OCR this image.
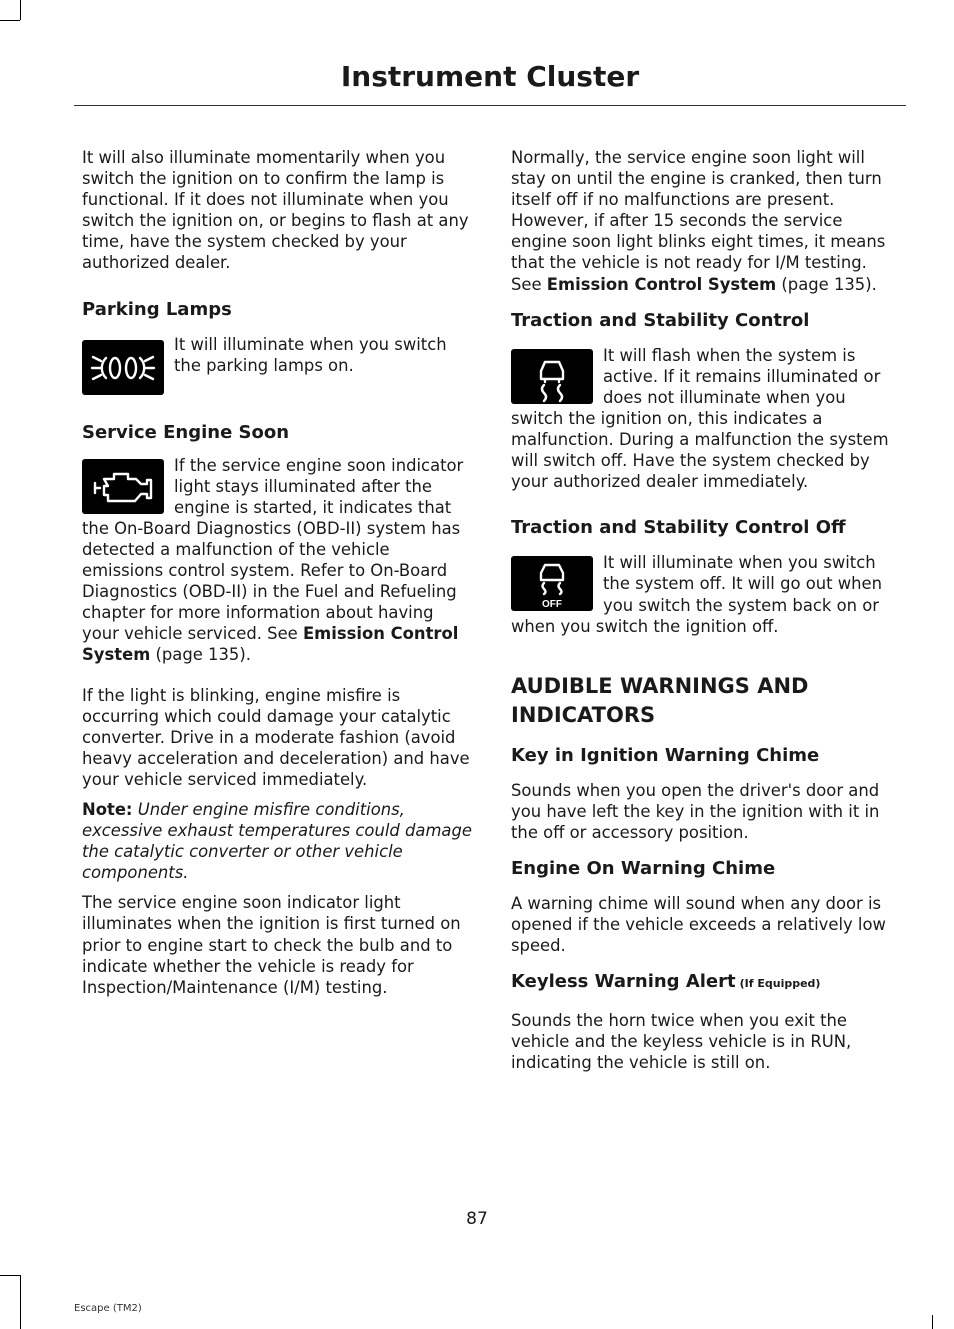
Instrument Cluster

It will also illuminate momentarily when you switch the ignition on to confirm the lamp is functional. If it does not illuminate when you switch the ignition on, or begins to flash at any time, have the system checked by your authorized dealer.

Parking Lamps

It will illuminate when you switch the parking lamps on.

Service Engine Soon

If the service engine soon indicator light stays illuminated after the engine is started, it indicates that the On-Board Diagnostics (OBD-II) system has detected a malfunction of the vehicle emissions control system. Refer to On-Board Diagnostics (OBD-II) in the Fuel and Refueling chapter for more information about having your vehicle serviced. See Emission Control System (page 135).

If the light is blinking, engine misfire is occurring which could damage your catalytic converter. Drive in a moderate fashion (avoid heavy acceleration and deceleration) and have your vehicle serviced immediately.

Note: Under engine misfire conditions, excessive exhaust temperatures could damage the catalytic converter or other vehicle components.

The service engine soon indicator light illuminates when the ignition is first turned on prior to engine start to check the bulb and to indicate whether the vehicle is ready for Inspection/Maintenance (I/M) testing.

Normally, the service engine soon light will stay on until the engine is cranked, then turn itself off if no malfunctions are present. However, if after 15 seconds the service engine soon light blinks eight times, it means that the vehicle is not ready for I/M testing. See Emission Control System (page 135).

Traction and Stability Control

It will flash when the system is active. If it remains illuminated or does not illuminate when you switch the ignition on, this indicates a malfunction. During a malfunction the system will switch off. Have the system checked by your authorized dealer immediately.

Traction and Stability Control Off
OFF

It will illuminate when you switch the system off. It will go out when you switch the system back on or when you switch the ignition off.

AUDIBLE WARNINGS AND INDICATORS
Key in Ignition Warning Chime

Sounds when you open the driver's door and you have left the key in the ignition with it in the off or accessory position.

Engine On Warning Chime

A warning chime will sound when any door is opened if the vehicle exceeds a relatively low speed.

Keyless Warning Alert (If Equipped)

Sounds the horn twice when you exit the vehicle and the keyless vehicle is in RUN, indicating the vehicle is still on.

87
Escape (TM2)
